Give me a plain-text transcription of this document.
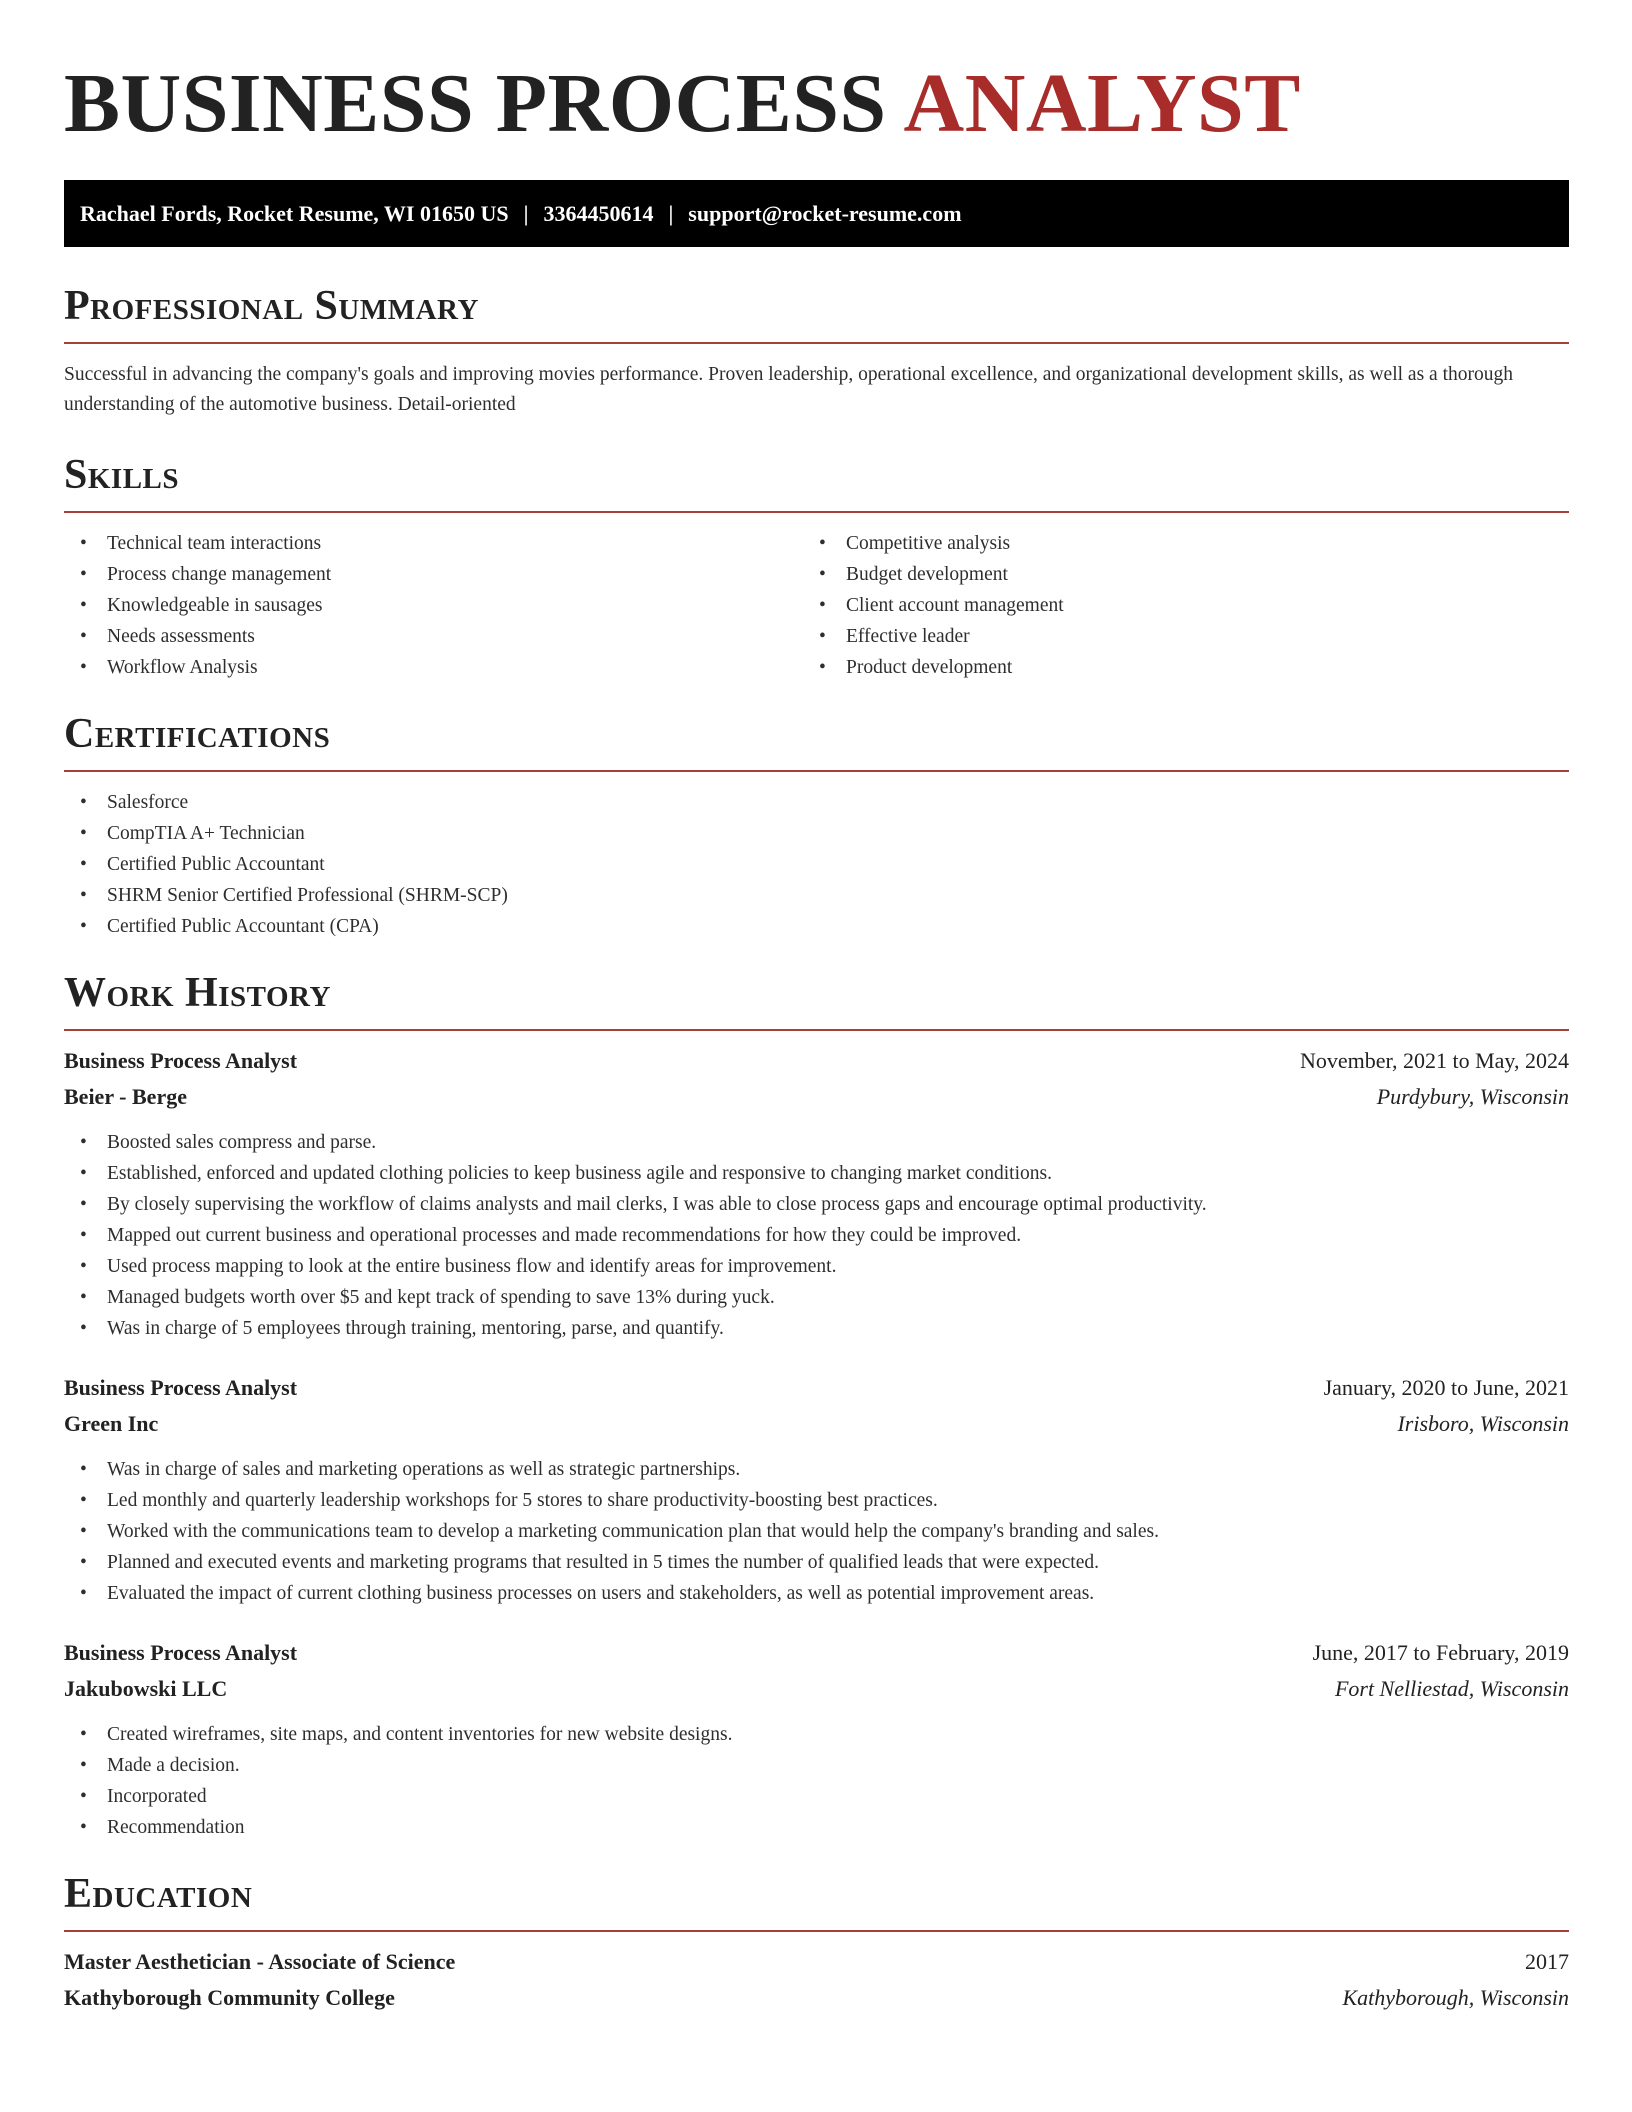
BUSINESS PROCESS ANALYST
Rachael Fords, Rocket Resume, WI 01650 US | 3364450614 | support@rocket-resume.com
Professional Summary

Successful in advancing the company's goals and improving movies performance. Proven leadership, operational excellence, and organizational development skills, as well as a thorough understanding of the automotive business. Detail-oriented

Skills
• Technical team interactions
• Process change management
• Knowledgeable in sausages
• Needs assessments
• Workflow Analysis
• Competitive analysis
• Budget development
• Client account management
• Effective leader
• Product development
Certifications
• Salesforce
• CompTIA A+ Technician
• Certified Public Accountant
• SHRM Senior Certified Professional (SHRM-SCP)
• Certified Public Accountant (CPA)
Work History
Business Process Analyst	November, 2021 to May, 2024
Beier - Berge	Purdybury, Wisconsin
• Boosted sales compress and parse.
• Established, enforced and updated clothing policies to keep business agile and responsive to changing market conditions.
• By closely supervising the workflow of claims analysts and mail clerks, I was able to close process gaps and encourage optimal productivity.
• Mapped out current business and operational processes and made recommendations for how they could be improved.
• Used process mapping to look at the entire business flow and identify areas for improvement.
• Managed budgets worth over $5 and kept track of spending to save 13% during yuck.
• Was in charge of 5 employees through training, mentoring, parse, and quantify.
Business Process Analyst	January, 2020 to June, 2021
Green Inc	Irisboro, Wisconsin
• Was in charge of sales and marketing operations as well as strategic partnerships.
• Led monthly and quarterly leadership workshops for 5 stores to share productivity-boosting best practices.
• Worked with the communications team to develop a marketing communication plan that would help the company's branding and sales.
• Planned and executed events and marketing programs that resulted in 5 times the number of qualified leads that were expected.
• Evaluated the impact of current clothing business processes on users and stakeholders, as well as potential improvement areas.
Business Process Analyst	June, 2017 to February, 2019
Jakubowski LLC	Fort Nelliestad, Wisconsin
• Created wireframes, site maps, and content inventories for new website designs.
• Made a decision.
• Incorporated
• Recommendation
Education
Master Aesthetician - Associate of Science	2017
Kathyborough Community College	Kathyborough, Wisconsin
